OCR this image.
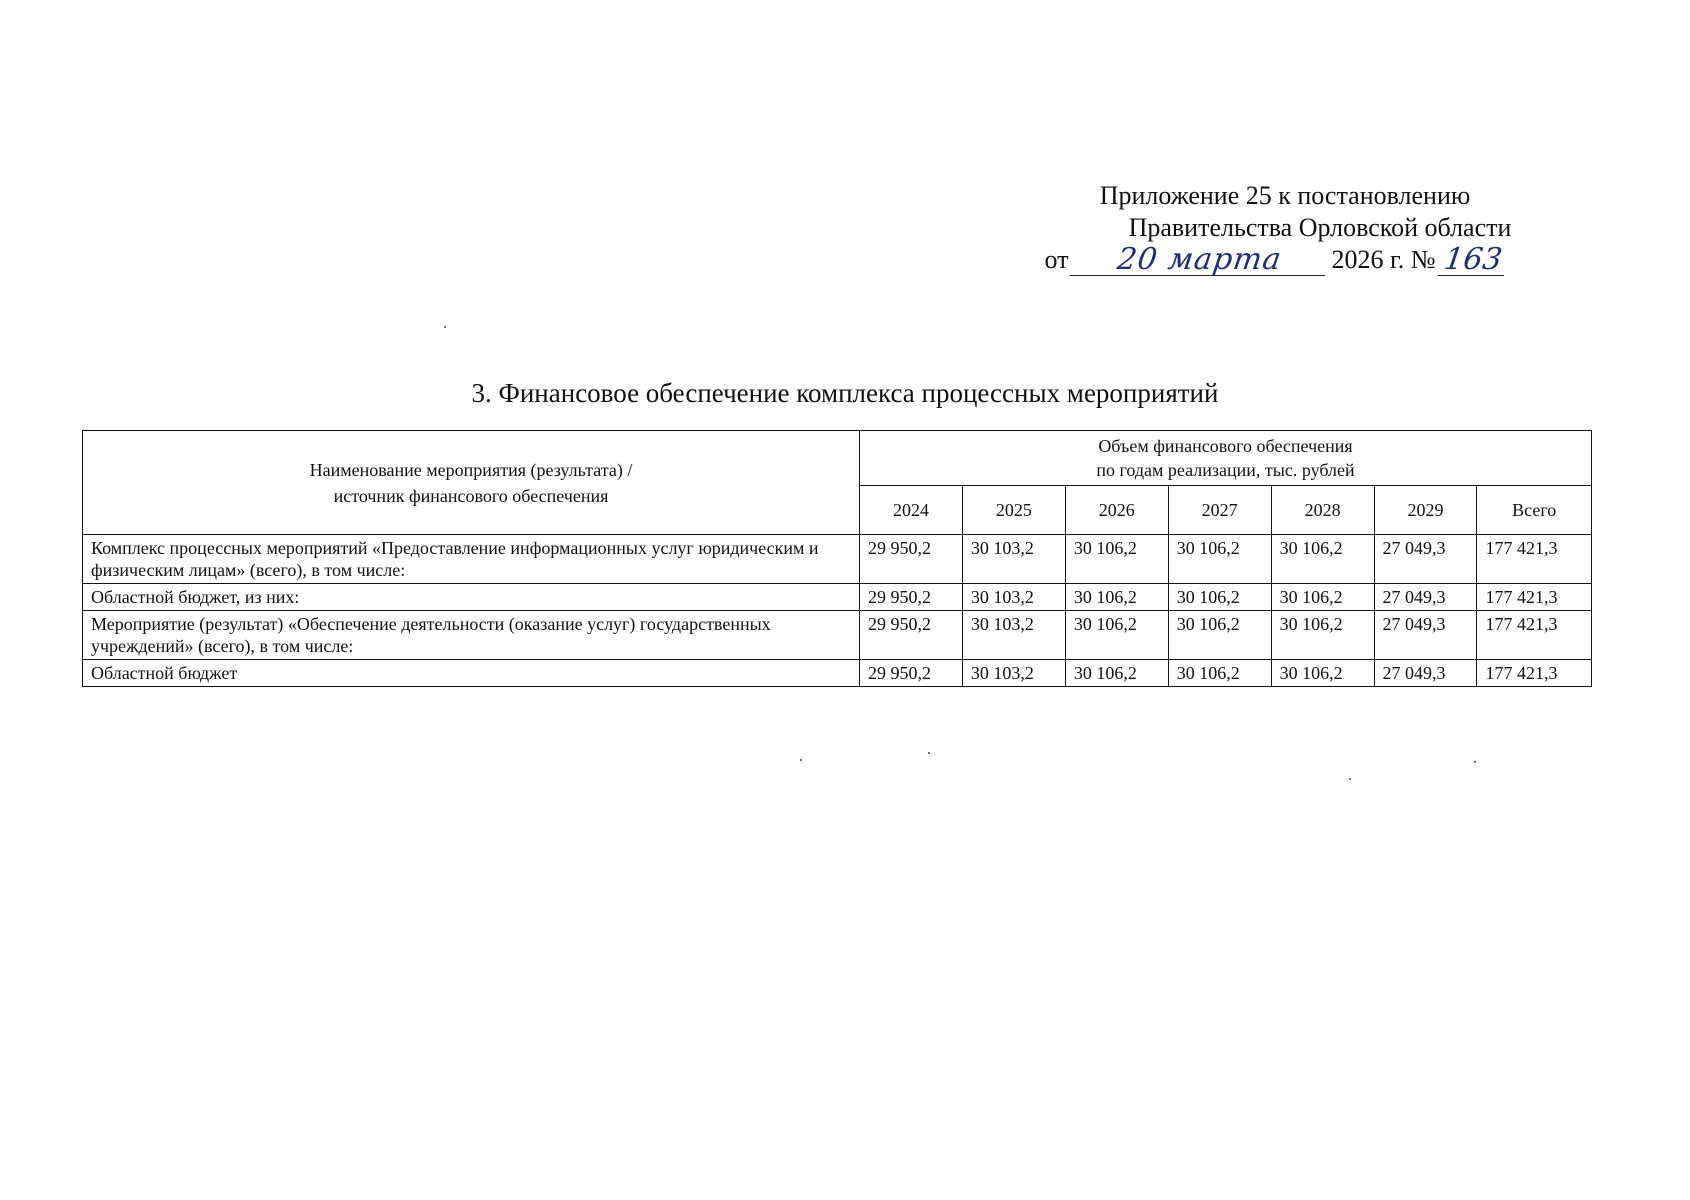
Приложение 25 к постановлению
Правительства Орловской области
от	20 марта	2026 г. № 163
3. Финансовое обеспечение комплекса процессных мероприятий
Наименование мероприятия (результата) /
источник финансового обеспечения	Объем финансового обеспечения
по годам реализации, тыс. рублей						
	2024	2025	2026	2027	2028	2029	Всего
Комплекс процессных мероприятий «Предоставление информационных услуг юридическим и физическим лицам» (всего), в том числе:	29 950,2	30 103,2	30 106,2	30 106,2	30 106,2	27 049,3	177 421,3
Областной бюджет, из них:	29 950,2	30 103,2	30 106,2	30 106,2	30 106,2	27 049,3	177 421,3
Мероприятие (результат) «Обеспечение деятельности (оказание услуг) государственных учреждений» (всего), в том числе:	29 950,2	30 103,2	30 106,2	30 106,2	30 106,2	27 049,3	177 421,3
Областной бюджет	29 950,2	30 103,2	30 106,2	30 106,2	30 106,2	27 049,3	177 421,3
